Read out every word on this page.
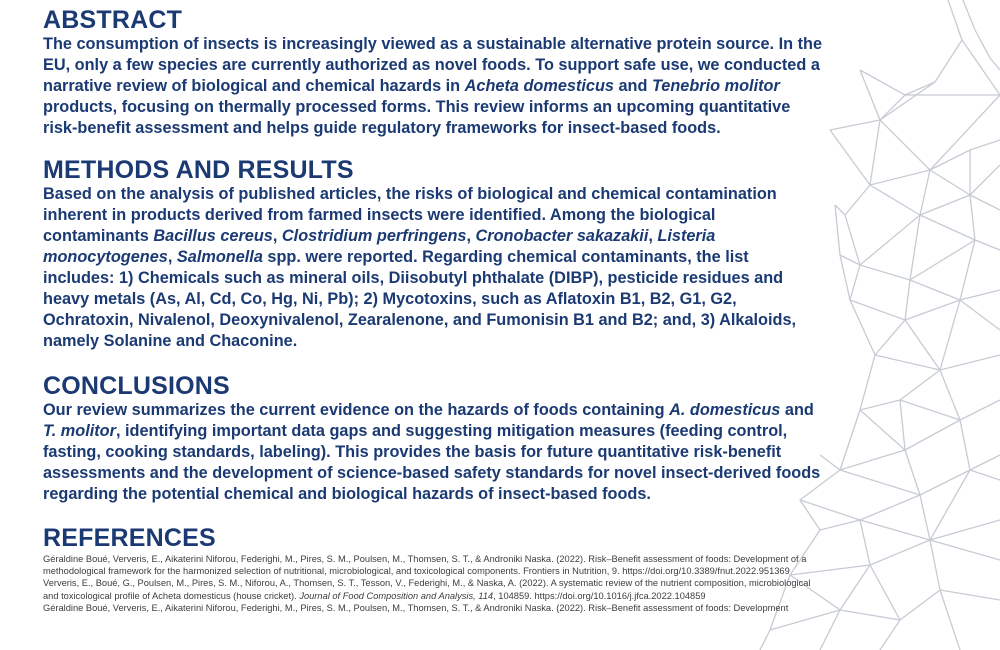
ABSTRACT

The consumption of insects is increasingly viewed as a sustainable alternative protein source. In the EU, only a few species are currently authorized as novel foods. To support safe use, we conducted a narrative review of biological and chemical hazards in Acheta domesticus and Tenebrio molitor products, focusing on thermally processed forms. This review informs an upcoming quantitative risk-benefit assessment and helps guide regulatory frameworks for insect-based foods.

METHODS AND RESULTS

Based on the analysis of published articles, the risks of biological and chemical contamination inherent in products derived from farmed insects were identified. Among the biological contaminants Bacillus cereus, Clostridium perfringens, Cronobacter sakazakii, Listeria monocytogenes, Salmonella spp. were reported. Regarding chemical contaminants, the list includes: 1) Chemicals such as mineral oils, Diisobutyl phthalate (DIBP), pesticide residues and heavy metals (As, Al, Cd, Co, Hg, Ni, Pb); 2) Mycotoxins, such as Aflatoxin B1, B2, G1, G2, Ochratoxin, Nivalenol, Deoxynivalenol, Zearalenone, and Fumonisin B1 and B2; and, 3) Alkaloids, namely Solanine and Chaconine.

CONCLUSIONS

Our review summarizes the current evidence on the hazards of foods containing A. domesticus and T. molitor, identifying important data gaps and suggesting mitigation measures (feeding control, fasting, cooking standards, labeling). This provides the basis for future quantitative risk-benefit assessments and the development of science-based safety standards for novel insect-derived foods regarding the potential chemical and biological hazards of insect-based foods.

REFERENCES

Géraldine Boué, Ververis, E., Aikaterini Niforou, Federighi, M., Pires, S. M., Poulsen, M., Thomsen, S. T., & Androniki Naska. (2022). Risk–Benefit assessment of foods: Development of a methodological framework for the harmonized selection of nutritional, microbiological, and toxicological components. Frontiers in Nutrition, 9. https://doi.org/10.3389/fnut.2022.951369

Ververis, E., Boué, G., Poulsen, M., Pires, S. M., Niforou, A., Thomsen, S. T., Tesson, V., Federighi, M., & Naska, A. (2022). A systematic review of the nutrient composition, microbiological and toxicological profile of Acheta domesticus (house cricket). Journal of Food Composition and Analysis, 114, 104859. https://doi.org/10.1016/j.jfca.2022.104859

Géraldine Boué, Ververis, E., Aikaterini Niforou, Federighi, M., Pires, S. M., Poulsen, M., Thomsen, S. T., & Androniki Naska. (2022). Risk–Benefit assessment of foods: Development
